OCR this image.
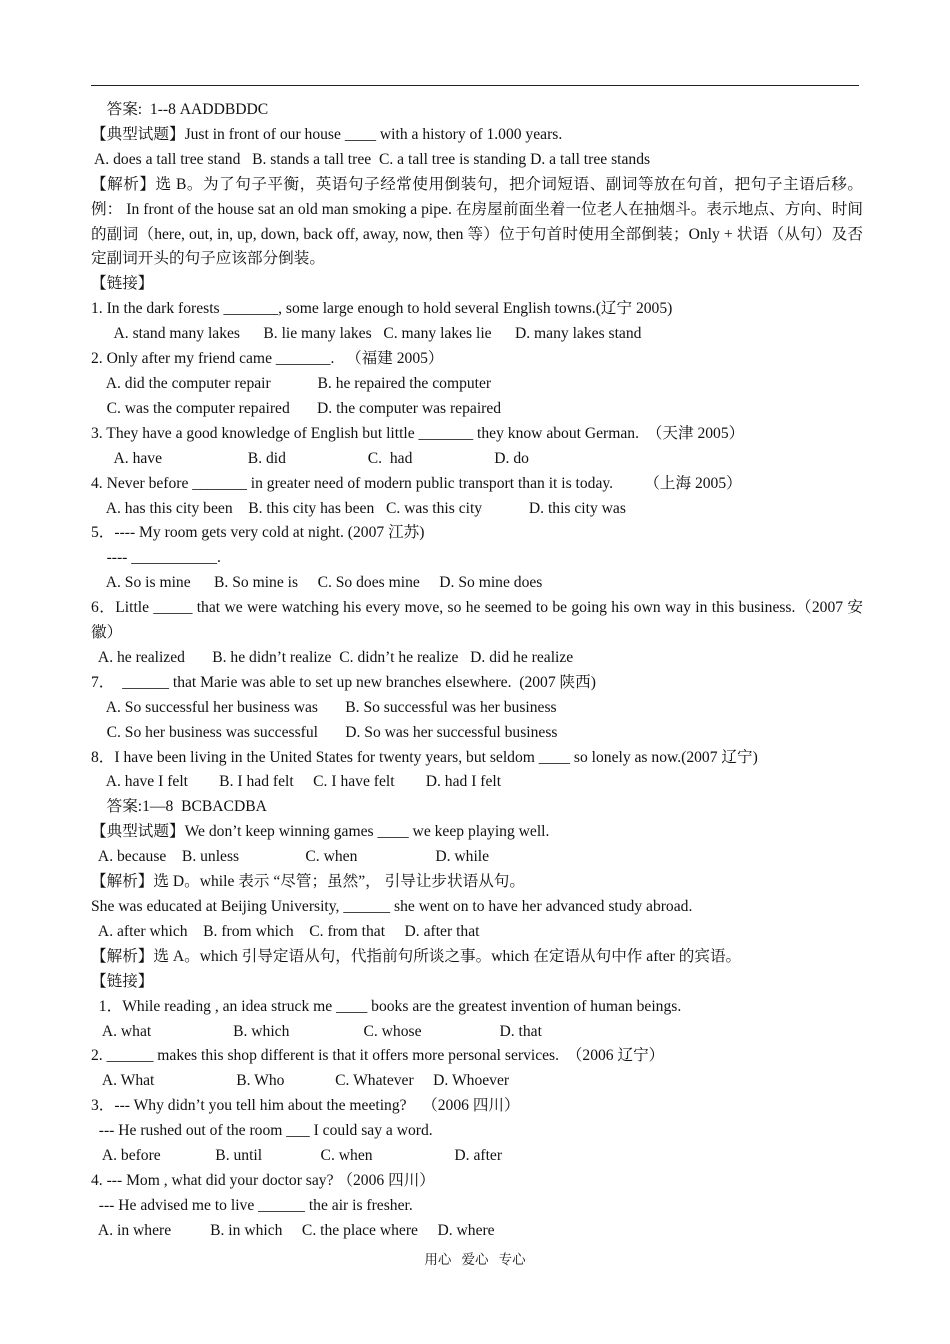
答案:  1--8 AADDBDDC
【典型试题】Just in front of our house ____ with a history of 1.000 years.
A. does a tall tree stand   B. stands a tall tree  C. a tall tree is standing D. a tall tree stands
【解析】选 B。为了句子平衡，英语句子经常使用倒装句，把介词短语、副词等放在句首，把句子主语后移。例： In front of the house sat an old man smoking a pipe. 在房屋前面坐着一位老人在抽烟斗。表示地点、方向、时间的副词（here, out, in, up, down, back off, away, now, then 等）位于句首时使用全部倒装；Only + 状语（从句）及否定副词开头的句子应该部分倒装。
【链接】
1. In the dark forests _______, some large enough to hold several English towns.(辽宁 2005)
A. stand many lakes      B. lie many lakes   C. many lakes lie      D. many lakes stand
2. Only after my friend came _______.   （福建 2005）
A. did the computer repair            B. he repaired the computer
C. was the computer repaired       D. the computer was repaired
3. They have a good knowledge of English but little _______ they know about German.  （天津 2005）
A. have                      B. did                     C.  had                     D. do
4. Never before _______ in greater need of modern public transport than it is today.        （上海 2005）
A. has this city been    B. this city has been   C. was this city            D. this city was
5．---- My room gets very cold at night. (2007 江苏)
---- ___________.
A. So is mine      B. So mine is     C. So does mine     D. So mine does
6．Little _____ that we were watching his every move, so he seemed to be going his own way in this business.（2007 安徽）
A. he realized       B. he didn’t realize  C. didn’t he realize   D. did he realize
7．  ______ that Marie was able to set up new branches elsewhere.  (2007 陕西)
A. So successful her business was       B. So successful was her business
C. So her business was successful       D. So was her successful business
8．I have been living in the United States for twenty years, but seldom ____ so lonely as now.(2007 辽宁)
A. have I felt        B. I had felt     C. I have felt        D. had I felt
答案:1—8  BCBACDBA
【典型试题】We don’t keep winning games ____ we keep playing well.
A. because    B. unless                 C. when                    D. while
【解析】选 D。while 表示 “尽管；虽然”， 引导让步状语从句。
She was educated at Beijing University, ______ she went on to have her advanced study abroad.
A. after which    B. from which    C. from that     D. after that
【解析】选 A。which 引导定语从句，代指前句所谈之事。which 在定语从句中作 after 的宾语。
【链接】
1．While reading , an idea struck me ____ books are the greatest invention of human beings.
A. what                     B. which                   C. whose                    D. that
2. ______ makes this shop different is that it offers more personal services.  （2006 辽宁）
A. What                     B. Who             C. Whatever     D. Whoever
3．--- Why didn’t you tell him about the meeting?    （2006 四川）
--- He rushed out of the room ___ I could say a word.
A. before              B. until               C. when                     D. after
4. --- Mom , what did your doctor say? （2006 四川）
--- He advised me to live ______ the air is fresher.
A. in where          B. in which     C. the place where     D. where
用心   爱心   专心
